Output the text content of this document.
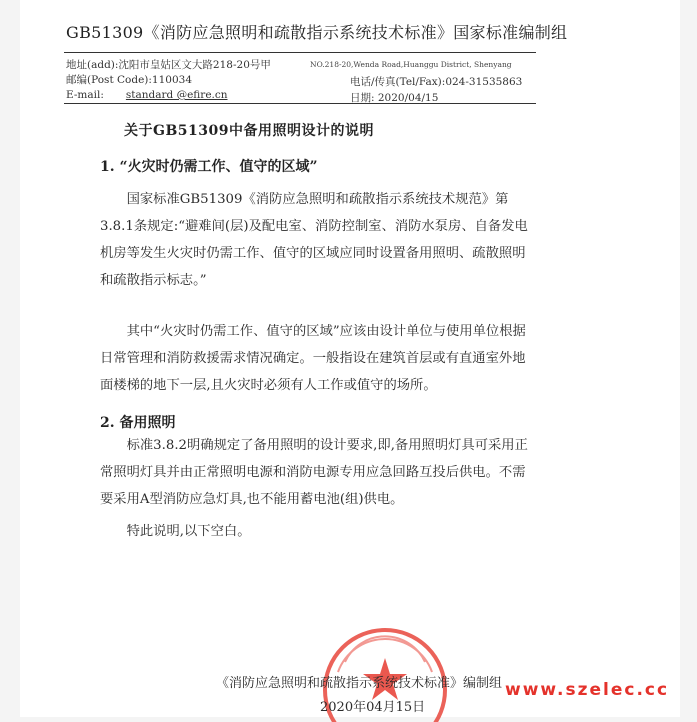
GB51309《消防应急照明和疏散指示系统技术标准》国家标准编制组
地址(add):沈阳市皇姑区文大路218-20号甲	NO.218-20,Wenda Road,Huanggu District, Shenyang
邮编(Post Code):110034	电话/传真(Tel/Fax):024-31535863
E-mail: standard @efire.cn	日期: 2020/04/15
关于GB51309中备用照明设计的说明
1. “火灾时仍需工作、值守的区域”
国家标准GB51309《消防应急照明和疏散指示系统技术规范》第3.8.1条规定:“避难间(层)及配电室、消防控制室、消防水泵房、自备发电机房等发生火灾时仍需工作、值守的区域应同时设置备用照明、疏散照明和疏散指示标志。”
其中“火灾时仍需工作、值守的区域”应该由设计单位与使用单位根据日常管理和消防救援需求情况确定。一般指设在建筑首层或有直通室外地面楼梯的地下一层,且火灾时必须有人工作或值守的场所。
2. 备用照明
标准3.8.2明确规定了备用照明的设计要求,即,备用照明灯具可采用正常照明灯具并由正常照明电源和消防电源专用应急回路互投后供电。不需要采用A型消防应急灯具,也不能用蓄电池(组)供电。
特此说明,以下空白。
《消防应急照明和疏散指示系统技术标准》编制组
2020年04月15日
www.szelec.cc
